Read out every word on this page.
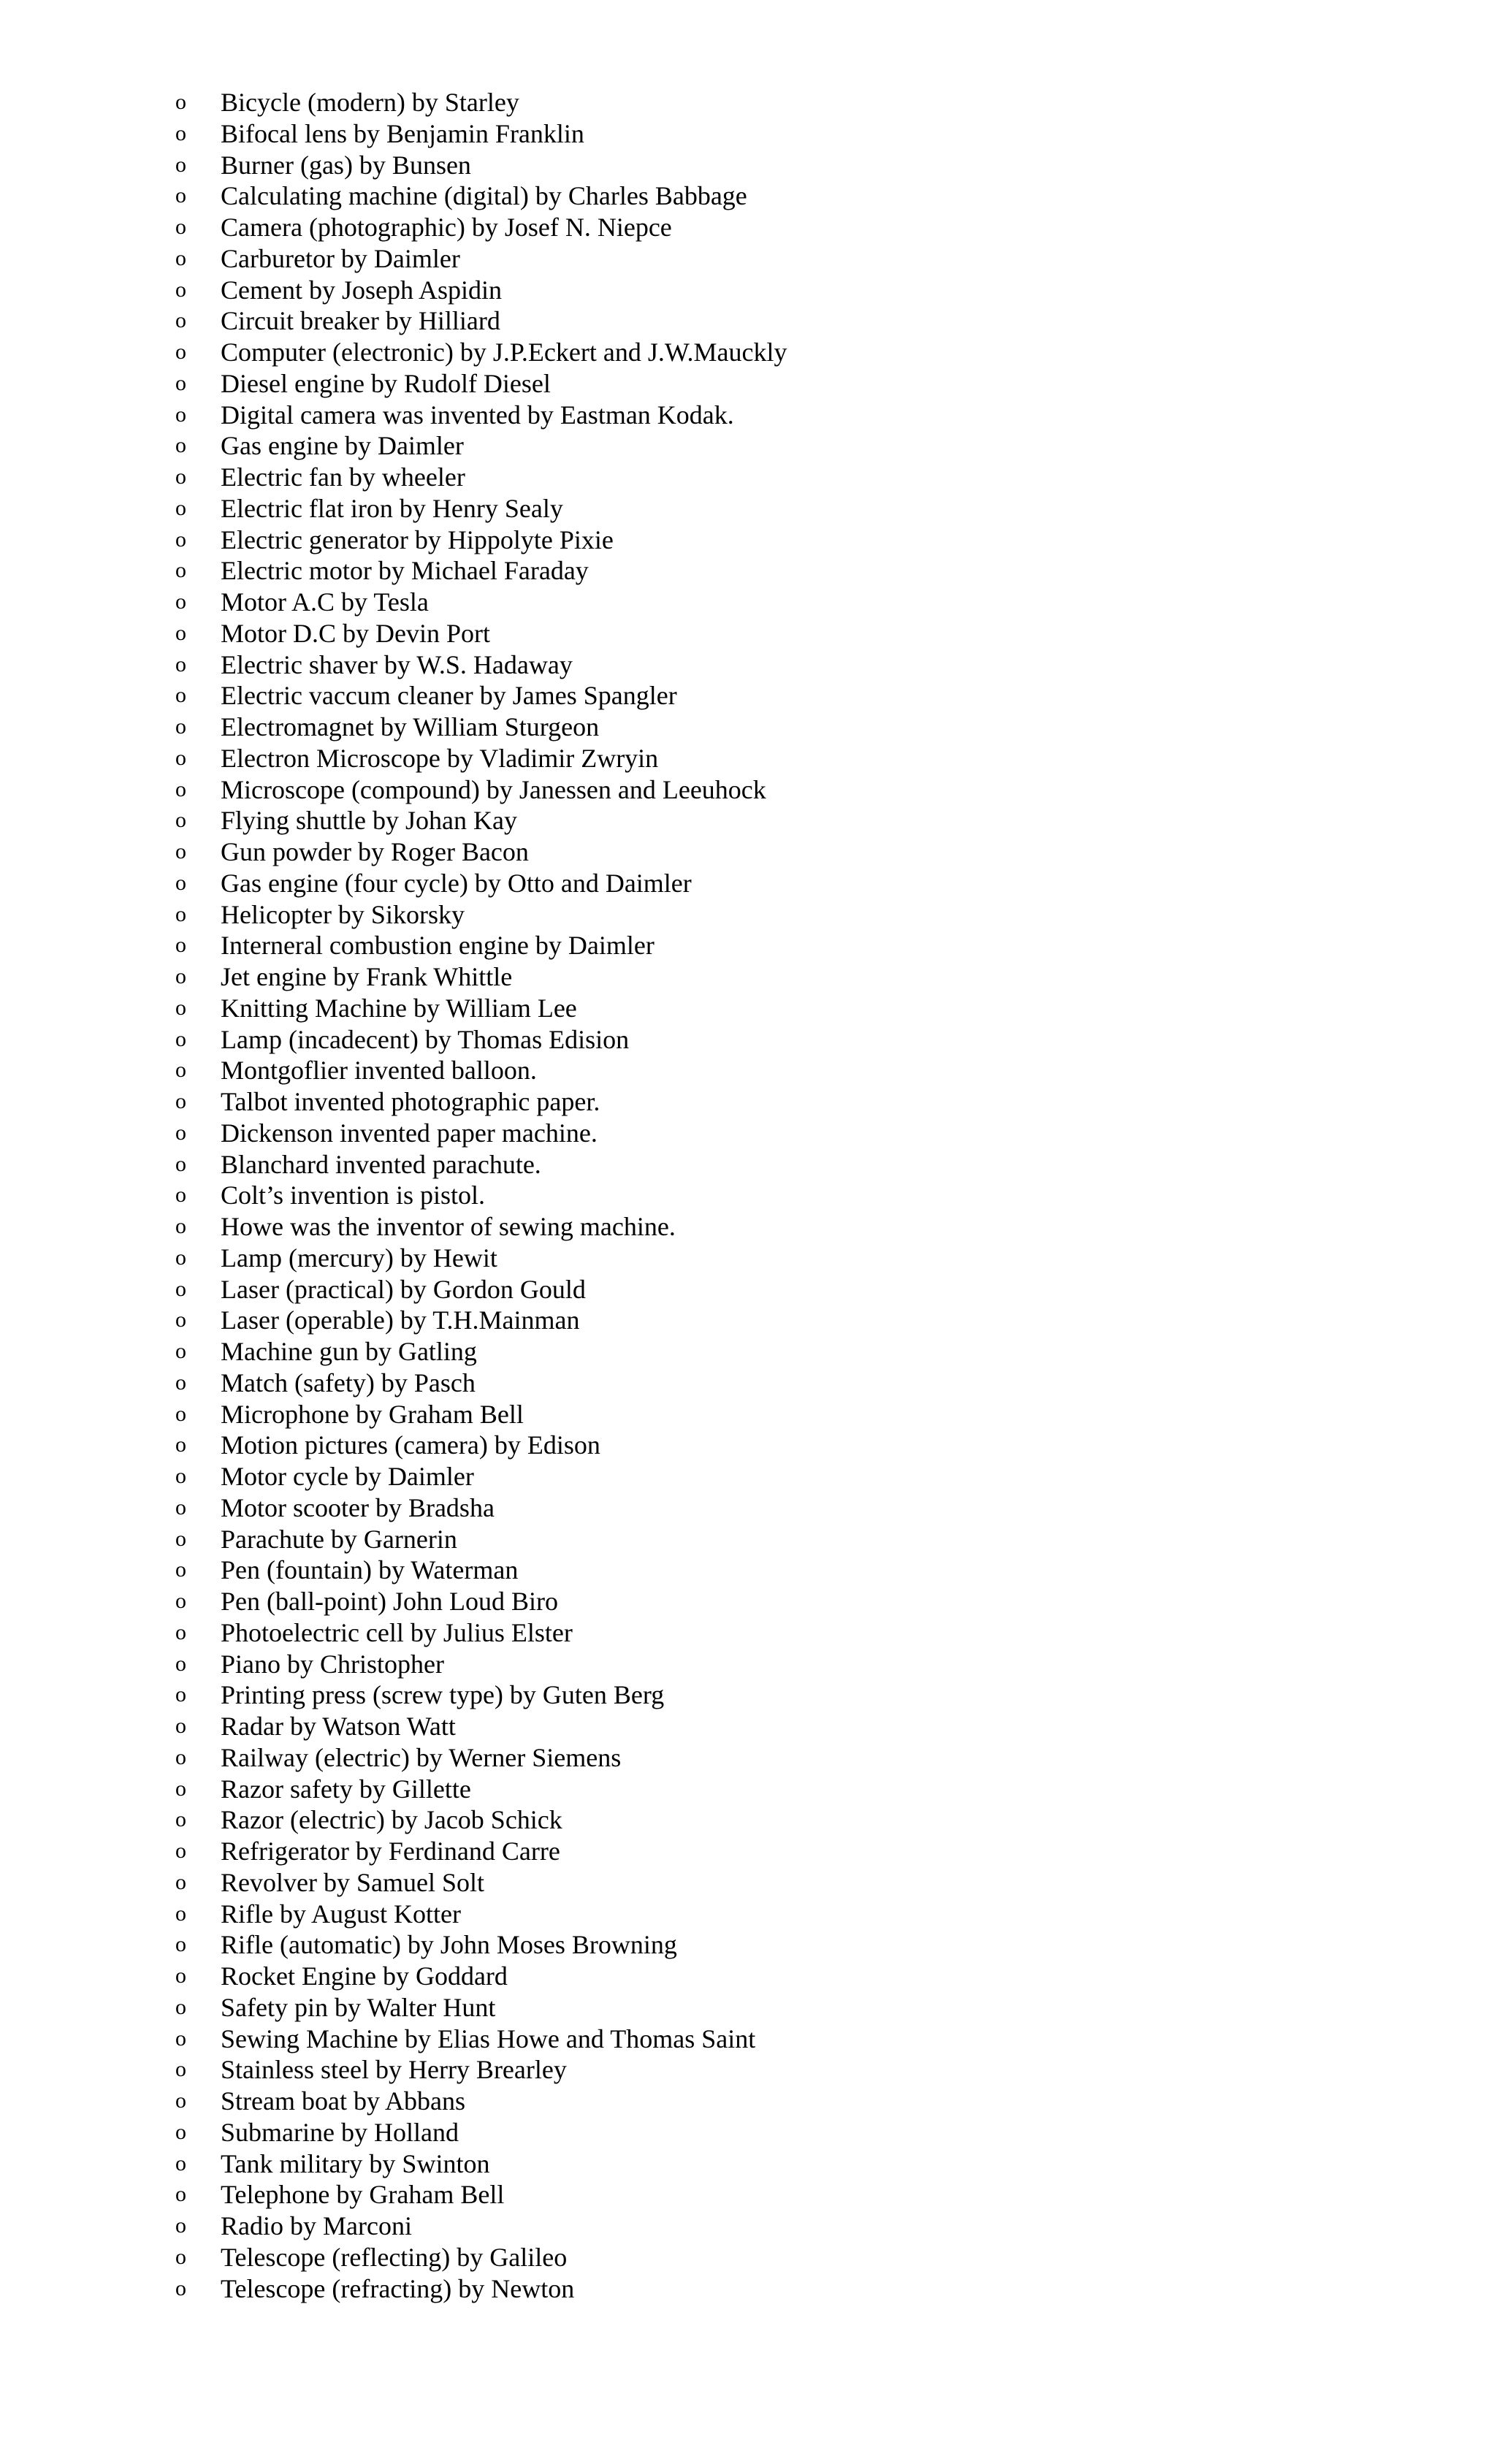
o Bicycle (modern) by Starley
o Bifocal lens by Benjamin Franklin
o Burner (gas) by Bunsen
o Calculating machine (digital) by Charles Babbage
o Camera (photographic) by Josef N. Niepce
o Carburetor by Daimler
o Cement by Joseph Aspidin
o Circuit breaker by Hilliard
o Computer (electronic) by J.P.Eckert and J.W.Mauckly
o Diesel engine by Rudolf Diesel
o Digital camera was invented by Eastman Kodak.
o Gas engine by Daimler
o Electric fan by wheeler
o Electric flat iron by Henry Sealy
o Electric generator by Hippolyte Pixie
o Electric motor by Michael Faraday
o Motor A.C by Tesla
o Motor D.C by Devin Port
o Electric shaver by W.S. Hadaway
o Electric vaccum cleaner by James Spangler
o Electromagnet by William Sturgeon
o Electron Microscope by Vladimir Zwryin
o Microscope (compound) by Janessen and Leeuhock
o Flying shuttle by Johan Kay
o Gun powder by Roger Bacon
o Gas engine (four cycle) by Otto and Daimler
o Helicopter by Sikorsky
o Interneral combustion engine by Daimler
o Jet engine by Frank Whittle
o Knitting Machine by William Lee
o Lamp (incadecent) by Thomas Edision
o Montgoflier invented balloon.
o Talbot invented photographic paper.
o Dickenson invented paper machine.
o Blanchard invented parachute.
o Colt’s invention is pistol.
o Howe was the inventor of sewing machine.
o Lamp (mercury) by Hewit
o Laser (practical) by Gordon Gould
o Laser (operable) by T.H.Mainman
o Machine gun by Gatling
o Match (safety) by Pasch
o Microphone by Graham Bell
o Motion pictures (camera) by Edison
o Motor cycle by Daimler
o Motor scooter by Bradsha
o Parachute by Garnerin
o Pen (fountain) by Waterman
o Pen (ball-point) John Loud Biro
o Photoelectric cell by Julius Elster
o Piano by Christopher
o Printing press (screw type) by Guten Berg
o Radar by Watson Watt
o Railway (electric) by Werner Siemens
o Razor safety by Gillette
o Razor (electric) by Jacob Schick
o Refrigerator by Ferdinand Carre
o Revolver by Samuel Solt
o Rifle by August Kotter
o Rifle (automatic) by John Moses Browning
o Rocket Engine by Goddard
o Safety pin by Walter Hunt
o Sewing Machine by Elias Howe and Thomas Saint
o Stainless steel by Herry Brearley
o Stream boat by Abbans
o Submarine by Holland
o Tank military by Swinton
o Telephone by Graham Bell
o Radio by Marconi
o Telescope (reflecting) by Galileo
o Telescope (refracting) by Newton
